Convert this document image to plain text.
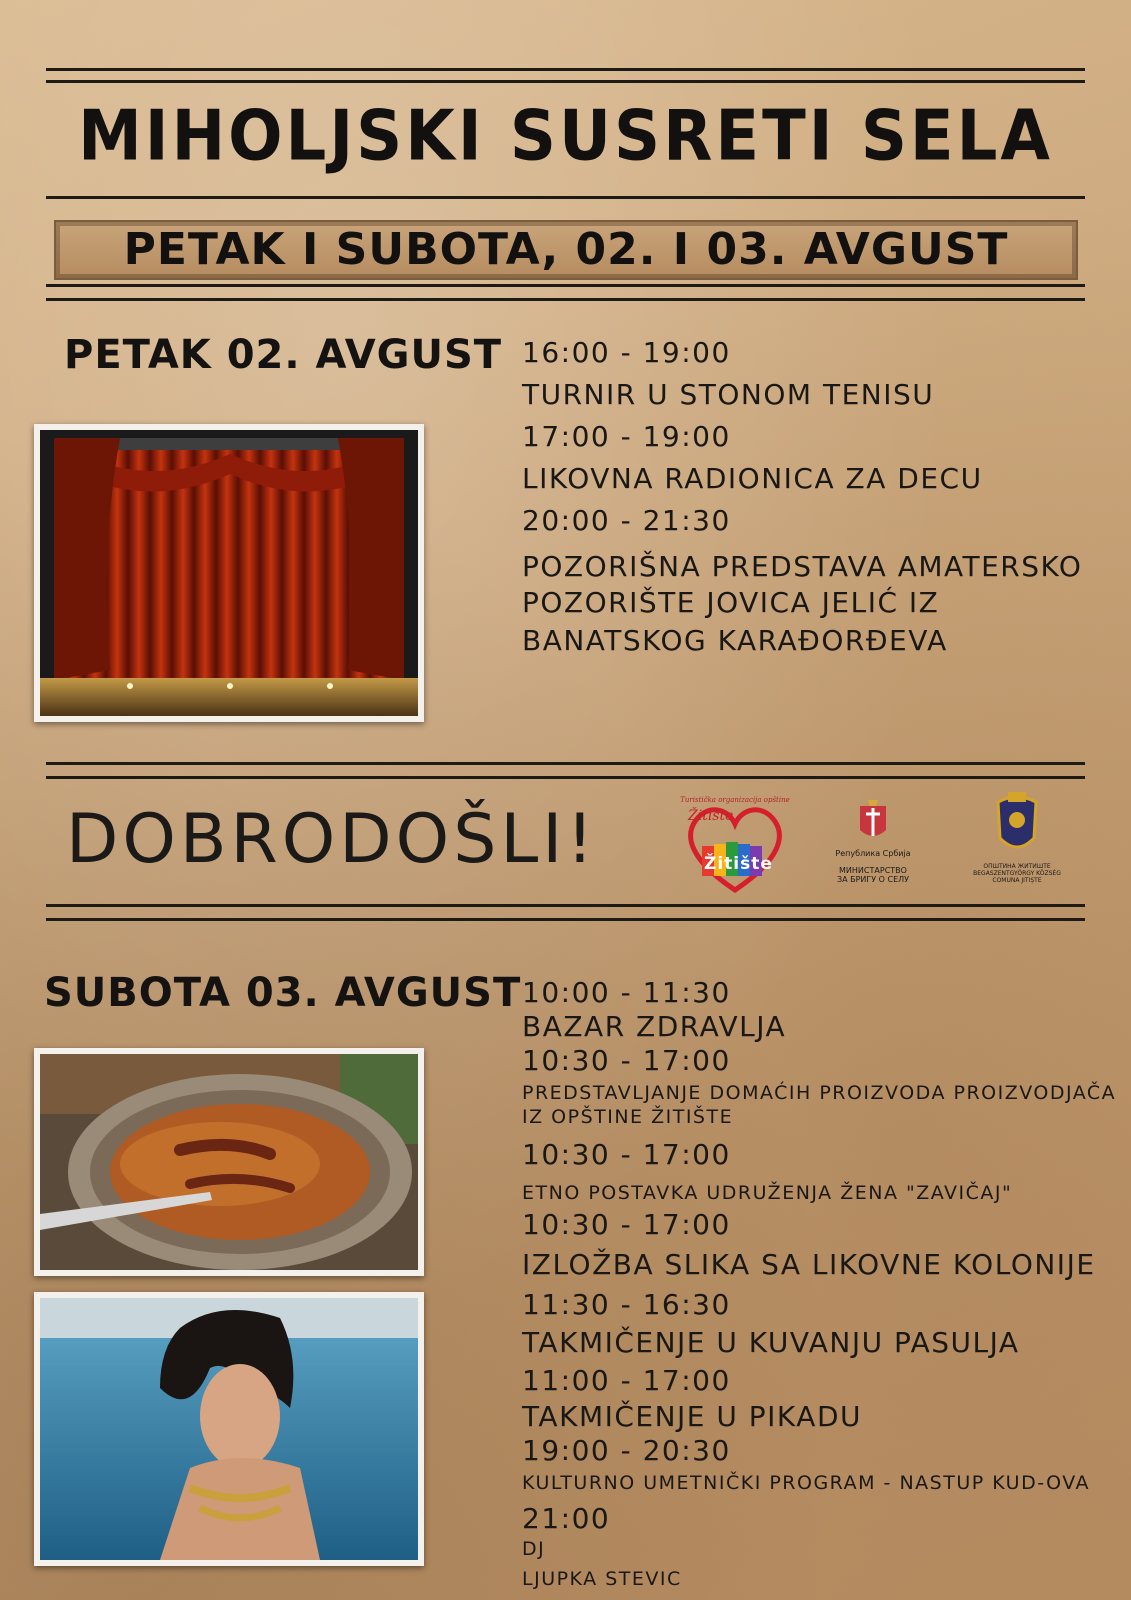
MIHOLJSKI SUSRETI SELA
PETAK I SUBOTA, 02. I 03. AVGUST
PETAK 02. AVGUST 16:00 - 19:00
TURNIR U STONOM TENISU
17:00 - 19:00
LIKOVNA RADIONICA ZA DECU
20:00 - 21:30
POZORIŠNA PREDSTAVA AMATERSKO
POZORIŠTE JOVICA JELIĆ IZ
BANATSKOG KARAĐORĐEVA
DOBRODOŠLI!	Turistička organizacija opštine
Žitište
Žitište
Република Србија
МИНИСТАРСТВО
ЗА БРИГУ О СЕЛУ
ОПШТИНА ЖИТИШТЕ
BEGASZENTGYÖRGY KÖZSÉG
COMUNA JITIȘTE
SUBOTA 03. AVGUST 10:00 - 11:30
BAZAR ZDRAVLJA
10:30 - 17:00
PREDSTAVLJANJE DOMAĆIH PROIZVODA PROIZVODJAČA
IZ OPŠTINE ŽITIŠTE
10:30 - 17:00
ETNO POSTAVKA UDRUŽENJA ŽENA "ZAVIČAJ"
10:30 - 17:00
IZLOŽBA SLIKA SA LIKOVNE KOLONIJE
11:30 - 16:30
TAKMIČENJE U KUVANJU PASULJA
11:00 - 17:00
TAKMIČENJE U PIKADU
19:00 - 20:30
KULTURNO UMETNIČKI PROGRAM - NASTUP KUD-OVA
21:00
DJ
LJUPKA STEVIC
